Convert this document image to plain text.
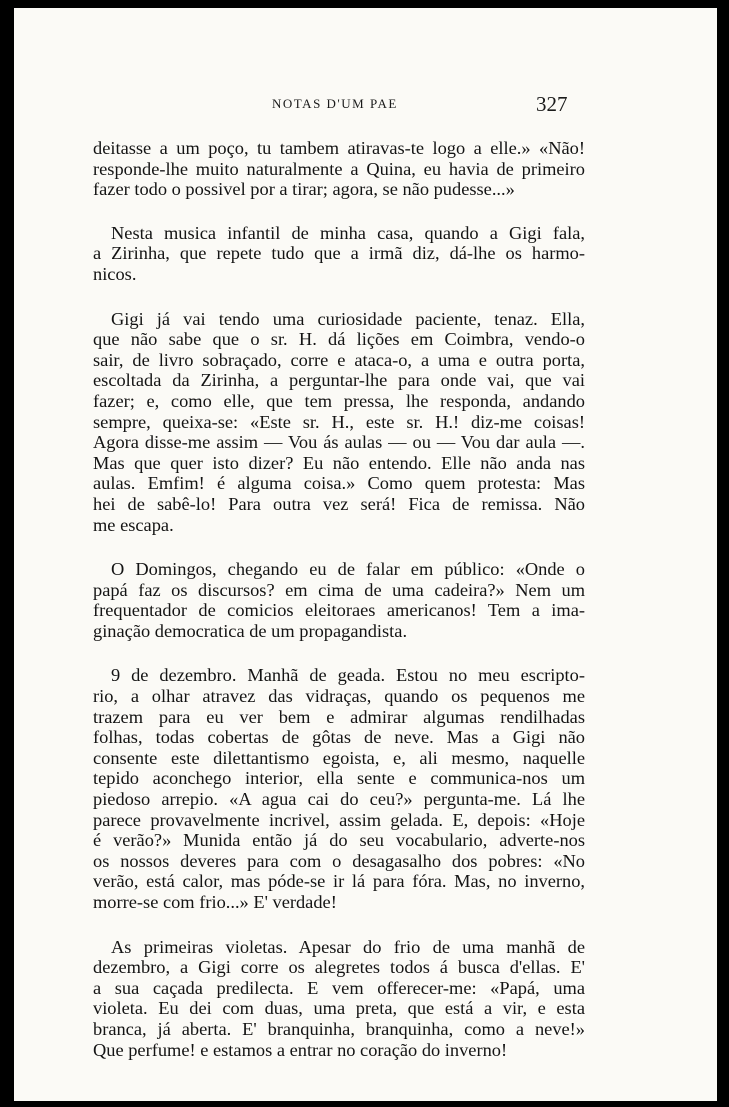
NOTAS D'UM PAE	327
deitasse a um poço, tu tambem atiravas-te logo a elle.» «Não!
responde-lhe muito naturalmente a Quina, eu havia de primeiro
fazer todo o possivel por a tirar; agora, se não pudesse...»
Nesta musica infantil de minha casa, quando a Gigi fala,
a Zirinha, que repete tudo que a irmã diz, dá-lhe os harmo-
nicos.
Gigi já vai tendo uma curiosidade paciente, tenaz. Ella,
que não sabe que o sr. H. dá lições em Coimbra, vendo-o
sair, de livro sobraçado, corre e ataca-o, a uma e outra porta,
escoltada da Zirinha, a perguntar-lhe para onde vai, que vai
fazer; e, como elle, que tem pressa, lhe responda, andando
sempre, queixa-se: «Este sr. H., este sr. H.! diz-me coisas!
Agora disse-me assim — Vou ás aulas — ou — Vou dar aula —.
Mas que quer isto dizer? Eu não entendo. Elle não anda nas
aulas. Emfim! é alguma coisa.» Como quem protesta: Mas
hei de sabê-lo! Para outra vez será! Fica de remissa. Não
me escapa.
O Domingos, chegando eu de falar em público: «Onde o
papá faz os discursos? em cima de uma cadeira?» Nem um
frequentador de comicios eleitoraes americanos! Tem a ima-
ginação democratica de um propagandista.
9 de dezembro. Manhã de geada. Estou no meu escripto-
rio, a olhar atravez das vidraças, quando os pequenos me
trazem para eu ver bem e admirar algumas rendilhadas
folhas, todas cobertas de gôtas de neve. Mas a Gigi não
consente este dilettantismo egoista, e, ali mesmo, naquelle
tepido aconchego interior, ella sente e communica-nos um
piedoso arrepio. «A agua cai do ceu?» pergunta-me. Lá lhe
parece provavelmente incrivel, assim gelada. E, depois: «Hoje
é verão?» Munida então já do seu vocabulario, adverte-nos
os nossos deveres para com o desagasalho dos pobres: «No
verão, está calor, mas póde-se ir lá para fóra. Mas, no inverno,
morre-se com frio...» E' verdade!
As primeiras violetas. Apesar do frio de uma manhã de
dezembro, a Gigi corre os alegretes todos á busca d'ellas. E'
a sua caçada predilecta. E vem offerecer-me: «Papá, uma
violeta. Eu dei com duas, uma preta, que está a vir, e esta
branca, já aberta. E' branquinha, branquinha, como a neve!»
Que perfume! e estamos a entrar no coração do inverno!
